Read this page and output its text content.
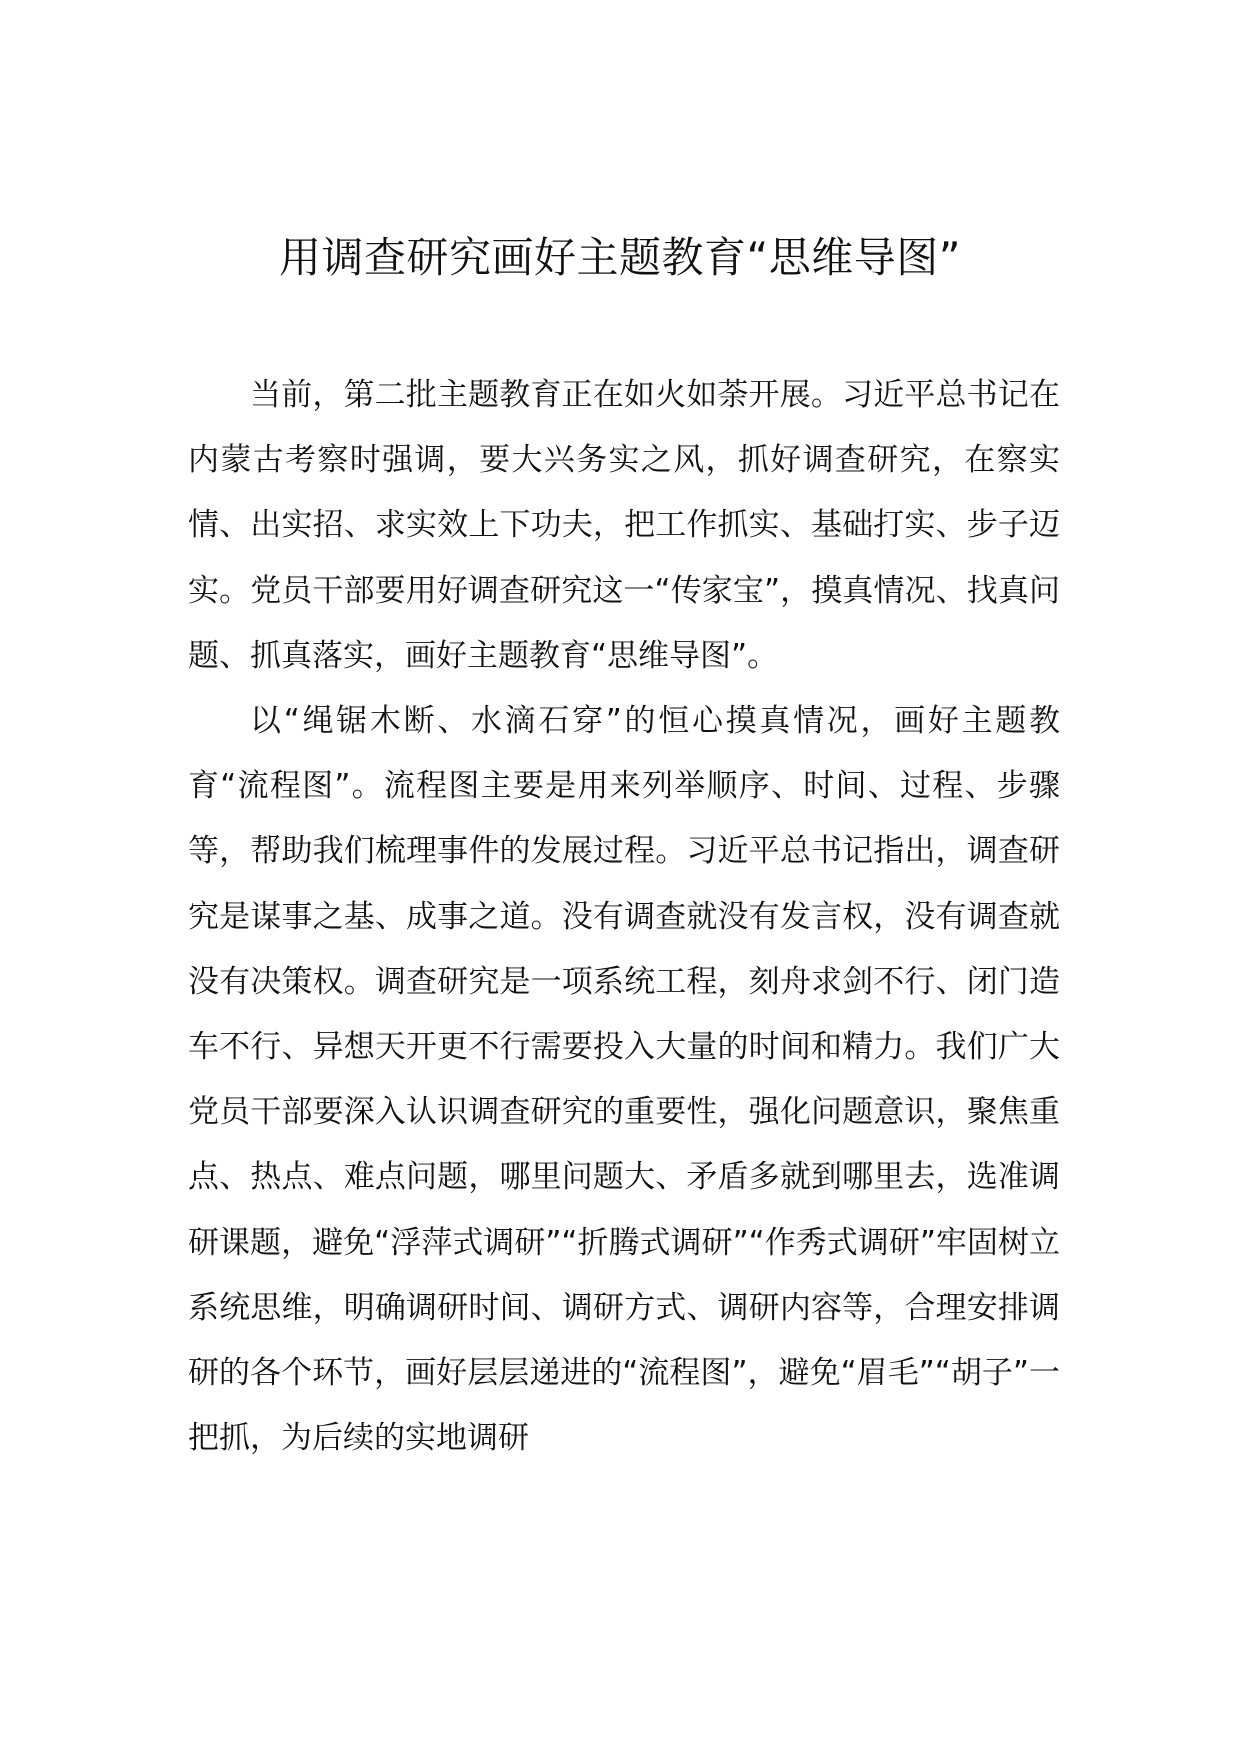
用调查研究画好主题教育“思维导图”

当前，第二批主题教育正在如火如荼开展。习近平总书记在内蒙古考察时强调，要大兴务实之风，抓好调查研究，在察实情、出实招、求实效上下功夫，把工作抓实、基础打实、步子迈实。党员干部要用好调查研究这一“传家宝”，摸真情况、找真问题、抓真落实，画好主题教育“思维导图”。

以“绳锯木断、水滴石穿”的恒心摸真情况，画好主题教育“流程图”。流程图主要是用来列举顺序、时间、过程、步骤等，帮助我们梳理事件的发展过程。习近平总书记指出，调查研究是谋事之基、成事之道。没有调查就没有发言权，没有调查就没有决策权。调查研究是一项系统工程，刻舟求剑不行、闭门造车不行、异想天开更不行需要投入大量的时间和精力。我们广大党员干部要深入认识调查研究的重要性，强化问题意识，聚焦重点、热点、难点问题，哪里问题大、矛盾多就到哪里去，选准调研课题，避免“浮萍式调研”“折腾式调研”“作秀式调研”牢固树立系统思维，明确调研时间、调研方式、调研内容等，合理安排调研的各个环节，画好层层递进的“流程图”，避免“眉毛”“胡子”一把抓，为后续的实地调研
